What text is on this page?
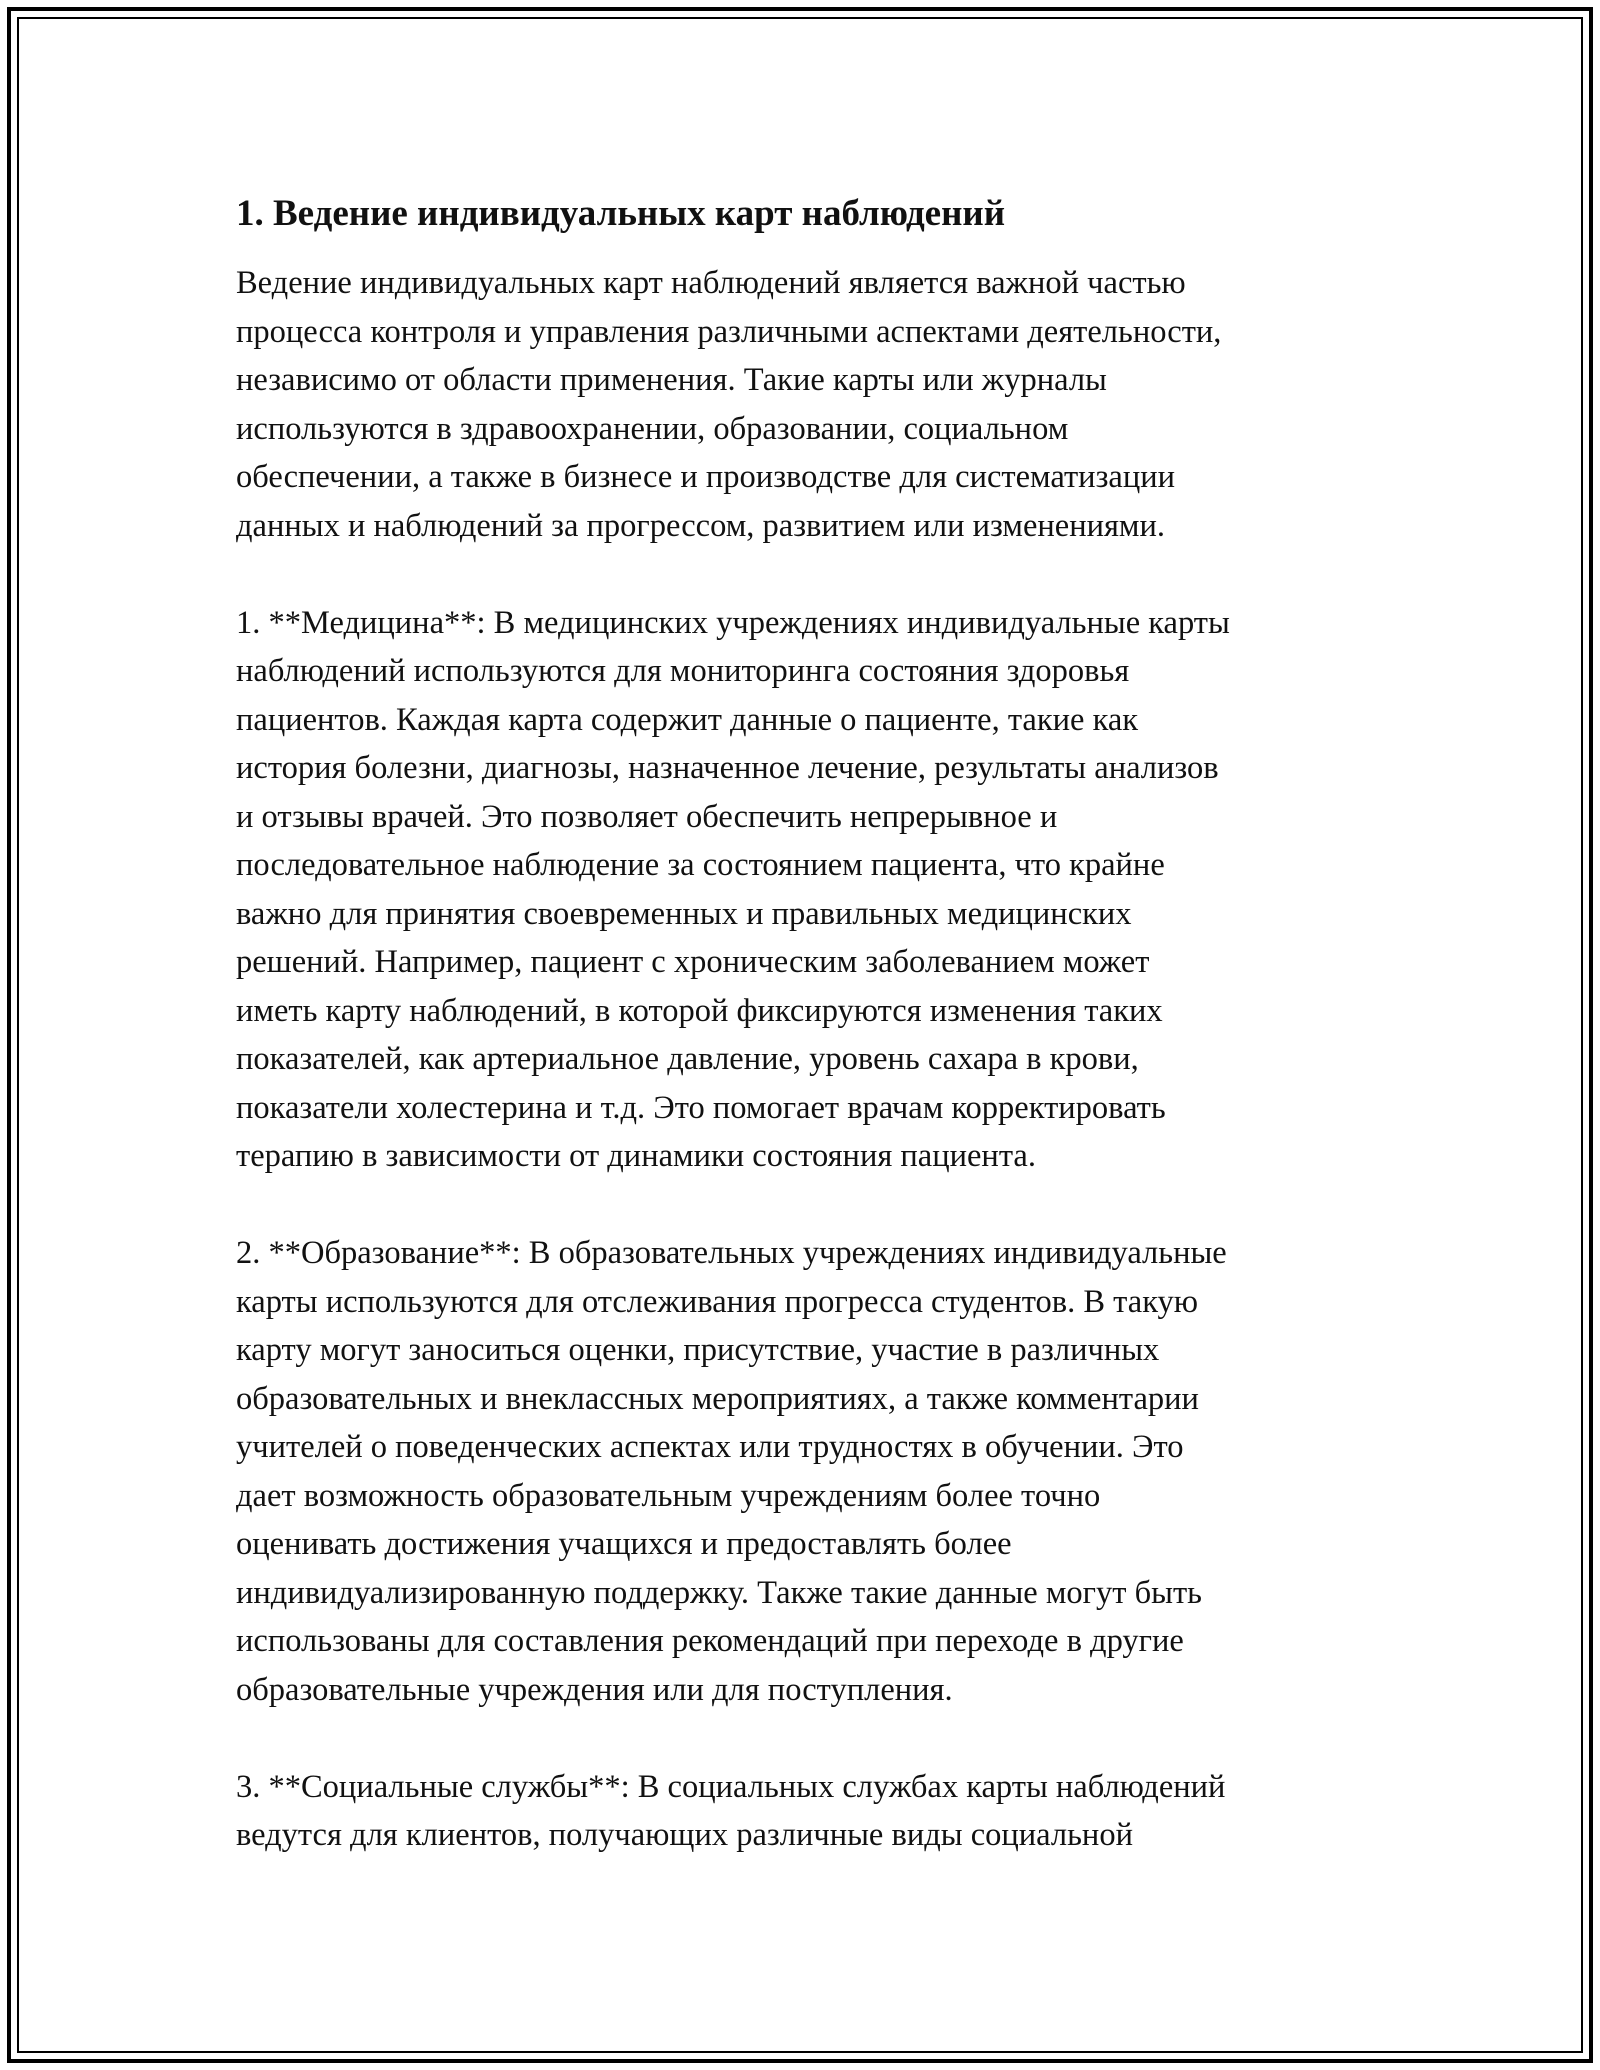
1. Ведение индивидуальных карт наблюдений
Ведение индивидуальных карт наблюдений является важной частью
процесса контроля и управления различными аспектами деятельности,
независимо от области применения. Такие карты или журналы
используются в здравоохранении, образовании, социальном
обеспечении, а также в бизнесе и производстве для систематизации
данных и наблюдений за прогрессом, развитием или изменениями.
1. **Медицина**: В медицинских учреждениях индивидуальные карты
наблюдений используются для мониторинга состояния здоровья
пациентов. Каждая карта содержит данные о пациенте, такие как
история болезни, диагнозы, назначенное лечение, результаты анализов
и отзывы врачей. Это позволяет обеспечить непрерывное и
последовательное наблюдение за состоянием пациента, что крайне
важно для принятия своевременных и правильных медицинских
решений. Например, пациент с хроническим заболеванием может
иметь карту наблюдений, в которой фиксируются изменения таких
показателей, как артериальное давление, уровень сахара в крови,
показатели холестерина и т.д. Это помогает врачам корректировать
терапию в зависимости от динамики состояния пациента.
2. **Образование**: В образовательных учреждениях индивидуальные
карты используются для отслеживания прогресса студентов. В такую
карту могут заноситься оценки, присутствие, участие в различных
образовательных и внеклассных мероприятиях, а также комментарии
учителей о поведенческих аспектах или трудностях в обучении. Это
дает возможность образовательным учреждениям более точно
оценивать достижения учащихся и предоставлять более
индивидуализированную поддержку. Также такие данные могут быть
использованы для составления рекомендаций при переходе в другие
образовательные учреждения или для поступления.
3. **Социальные службы**: В социальных службах карты наблюдений
ведутся для клиентов, получающих различные виды социальной
